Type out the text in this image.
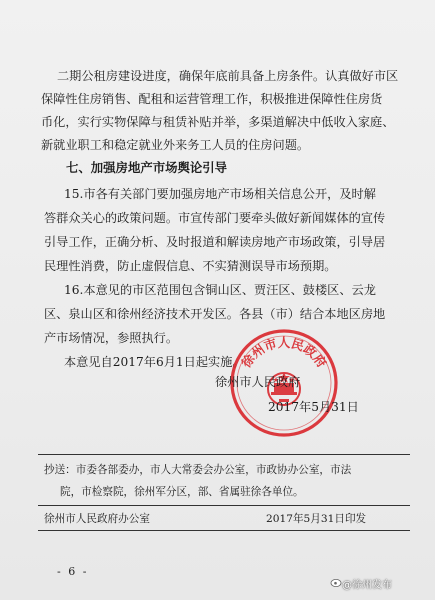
二期公租房建设进度，确保年底前具备上房条件。认真做好市区
保障性住房销售、配租和运营管理工作，积极推进保障性住房货
币化，实行实物保障与租赁补贴并举，多渠道解决中低收入家庭、
新就业职工和稳定就业外来务工人员的住房问题。
七、加强房地产市场舆论引导
15.市各有关部门要加强房地产市场相关信息公开，及时解
答群众关心的政策问题。市宣传部门要牵头做好新闻媒体的宣传
引导工作，正确分析、及时报道和解读房地产市场政策，引导居
民理性消费，防止虚假信息、不实猜测误导市场预期。
16.本意见的市区范围包含铜山区、贾汪区、鼓楼区、云龙
区、泉山区和徐州经济技术开发区。各县（市）结合本地区房地
产市场情况，参照执行。
本意见自2017年6月1日起实施。
徐州市人民政府
徐州市人民政府
2017年5月31日
抄送：市委各部委办，市人大常委会办公室，市政协办公室，市法
院，市检察院，徐州军分区，部、省属驻徐各单位。
徐州市人民政府办公室	2017年5月31日印发
- 6 -
@徐州发布
